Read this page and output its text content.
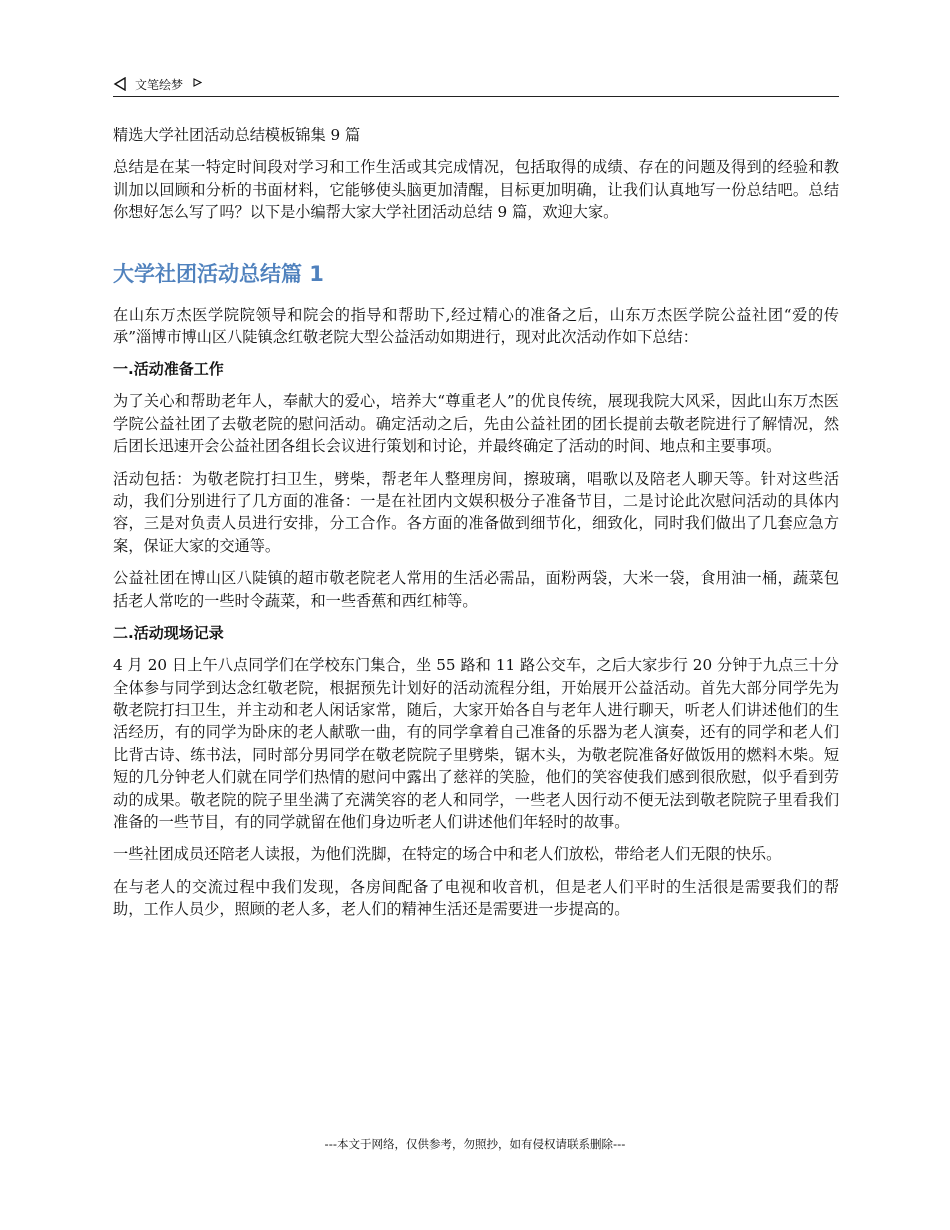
文笔绘梦

精选大学社团活动总结模板锦集 9 篇

总结是在某一特定时间段对学习和工作生活或其完成情况，包括取得的成绩、存在的问题及得到的经验和教训加以回顾和分析的书面材料，它能够使头脑更加清醒，目标更加明确，让我们认真地写一份总结吧。总结你想好怎么写了吗？以下是小编帮大家大学社团活动总结 9 篇，欢迎大家。

大学社团活动总结篇 1

在山东万杰医学院院领导和院会的指导和帮助下,经过精心的准备之后，山东万杰医学院公益社团“爱的传承”淄博市博山区八陡镇念红敬老院大型公益活动如期进行，现对此次活动作如下总结：

一.活动准备工作

为了关心和帮助老年人，奉献大的爱心，培养大“尊重老人”的优良传统，展现我院大风采，因此山东万杰医学院公益社团了去敬老院的慰问活动。确定活动之后，先由公益社团的团长提前去敬老院进行了解情况，然后团长迅速开会公益社团各组长会议进行策划和讨论，并最终确定了活动的时间、地点和主要事项。

活动包括：为敬老院打扫卫生，劈柴，帮老年人整理房间，擦玻璃，唱歌以及陪老人聊天等。针对这些活动，我们分别进行了几方面的准备：一是在社团内文娱积极分子准备节目，二是讨论此次慰问活动的具体内容，三是对负责人员进行安排，分工合作。各方面的准备做到细节化，细致化，同时我们做出了几套应急方案，保证大家的交通等。

公益社团在博山区八陡镇的超市敬老院老人常用的生活必需品，面粉两袋，大米一袋，食用油一桶，蔬菜包括老人常吃的一些时令蔬菜，和一些香蕉和西红柿等。

二.活动现场记录

4 月 20 日上午八点同学们在学校东门集合，坐 55 路和 11 路公交车，之后大家步行 20 分钟于九点三十分全体参与同学到达念红敬老院，根据预先计划好的活动流程分组，开始展开公益活动。首先大部分同学先为敬老院打扫卫生，并主动和老人闲话家常，随后，大家开始各自与老年人进行聊天，听老人们讲述他们的生活经历，有的同学为卧床的老人献歌一曲，有的同学拿着自己准备的乐器为老人演奏，还有的同学和老人们比背古诗、练书法，同时部分男同学在敬老院院子里劈柴，锯木头，为敬老院准备好做饭用的燃料木柴。短短的几分钟老人们就在同学们热情的慰问中露出了慈祥的笑脸，他们的笑容使我们感到很欣慰，似乎看到劳动的成果。敬老院的院子里坐满了充满笑容的老人和同学，一些老人因行动不便无法到敬老院院子里看我们准备的一些节目，有的同学就留在他们身边听老人们讲述他们年轻时的故事。

一些社团成员还陪老人读报，为他们洗脚，在特定的场合中和老人们放松，带给老人们无限的快乐。

在与老人的交流过程中我们发现，各房间配备了电视和收音机，但是老人们平时的生活很是需要我们的帮助，工作人员少，照顾的老人多，老人们的精神生活还是需要进一步提高的。

---本文于网络，仅供参考，勿照抄，如有侵权请联系删除---
